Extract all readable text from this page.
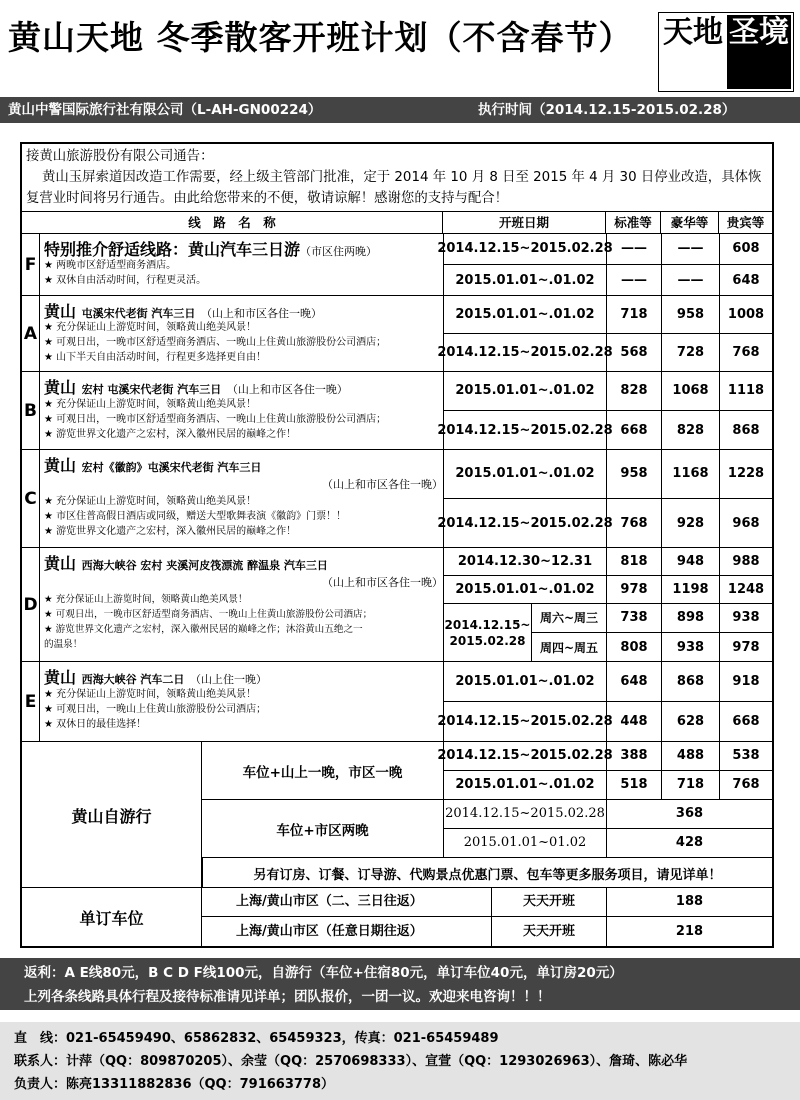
黄山天地 冬季散客开班计划（不含春节） 天地 圣境
黄山中警国际旅行社有限公司（L-AH-GN00224）	执行时间（2014.12.15-2015.02.28）
接黄山旅游股份有限公司通告：
黄山玉屏索道因改造工作需要，经上级主管部门批准，定于 2014 年 10 月 8 日至 2015 年 4 月 30 日停业改造，具体恢复营业时间将另行通告。由此给您带来的不便，敬请谅解！感谢您的支持与配合！
线　路　名　称	开班日期	标准等	豪华等	贵宾等
F
特别推介舒适线路：黄山汽车三日游（市区住两晚）
★ 两晚市区舒适型商务酒店。
★ 双休自由活动时间，行程更灵活。
2014.12.15~2015.02.28 ——	——	608
2015.01.01~.01.02	——	——	648
A
黄山 屯溪宋代老街 汽车三日 （山上和市区各住一晚）
★ 充分保证山上游览时间，领略黄山绝美风景！
★ 可观日出，一晚市区舒适型商务酒店、一晚山上住黄山旅游股份公司酒店；
★ 山下半天自由活动时间，行程更多选择更自由！
2015.01.01~.01.02	718	958	1008
2014.12.15~2015.02.28 568	728	768
B
黄山 宏村 屯溪宋代老街 汽车三日 （山上和市区各住一晚）
★ 充分保证山上游览时间，领略黄山绝美风景！
★ 可观日出，一晚市区舒适型商务酒店、一晚山上住黄山旅游股份公司酒店；
★ 游览世界文化遗产之宏村，深入徽州民居的巅峰之作！
2015.01.01~.01.02	828	1068	1118
2014.12.15~2015.02.28 668	828	868
C
黄山 宏村《徽韵》屯溪宋代老街 汽车三日
（山上和市区各住一晚）
★ 充分保证山上游览时间，领略黄山绝美风景！
★ 市区住普高假日酒店或同级，赠送大型歌舞表演《徽韵》门票！！
★ 游览世界文化遗产之宏村，深入徽州民居的巅峰之作！
2015.01.01~.01.02	958	1168	1228
2014.12.15~2015.02.28 768	928	968
D
黄山 西海大峡谷 宏村 夹溪河皮筏漂流 醉温泉 汽车三日
（山上和市区各住一晚）
★ 充分保证山上游览时间，领略黄山绝美风景！
★ 可观日出，一晚市区舒适型商务酒店、一晚山上住黄山旅游股份公司酒店；
★ 游览世界文化遗产之宏村，深入徽州民居的巅峰之作；沐浴黄山五绝之一
的温泉！
2014.12.30~12.31	818	948	988
2015.01.01~.01.02	978	1198	1248
2014.12.15~ 2015.02.28
周六~周三	738	898	938
周四~周五	808	938	978
E
黄山 西海大峡谷 汽车二日 （山上住一晚）
★ 充分保证山上游览时间，领略黄山绝美风景！
★ 可观日出，一晚山上住黄山旅游股份公司酒店；
★ 双休日的最佳选择！
2015.01.01~.01.02	648	868	918
2014.12.15~2015.02.28 448	628	668
黄山自游行
车位+山上一晚，市区一晚
2014.12.15~2015.02.28 388	488	538
2015.01.01~.01.02	518	718	768
车位+市区两晚
2014.12.15~2015.02.28	368
2015.01.01~01.02	428
另有订房、订餐、订导游、代购景点优惠门票、包车等更多服务项目，请见详单！
单订车位
上海/黄山市区（二、三日往返）	天天开班	188
上海/黄山市区（任意日期往返）	天天开班	218
返利：A E线80元，B C D F线100元，自游行（车位+住宿80元，单订车位40元，单订房20元）
上列各条线路具体行程及接待标准请见详单；团队报价，一团一议。欢迎来电咨询！！！
直　线：021-65459490、65862832、65459323，传真：021-65459489
联系人：计萍（QQ：809870205）、余莹（QQ：2570698333）、宣萱（QQ：1293026963）、詹琦、陈必华
负责人：陈亮13311882836（QQ：791663778）
